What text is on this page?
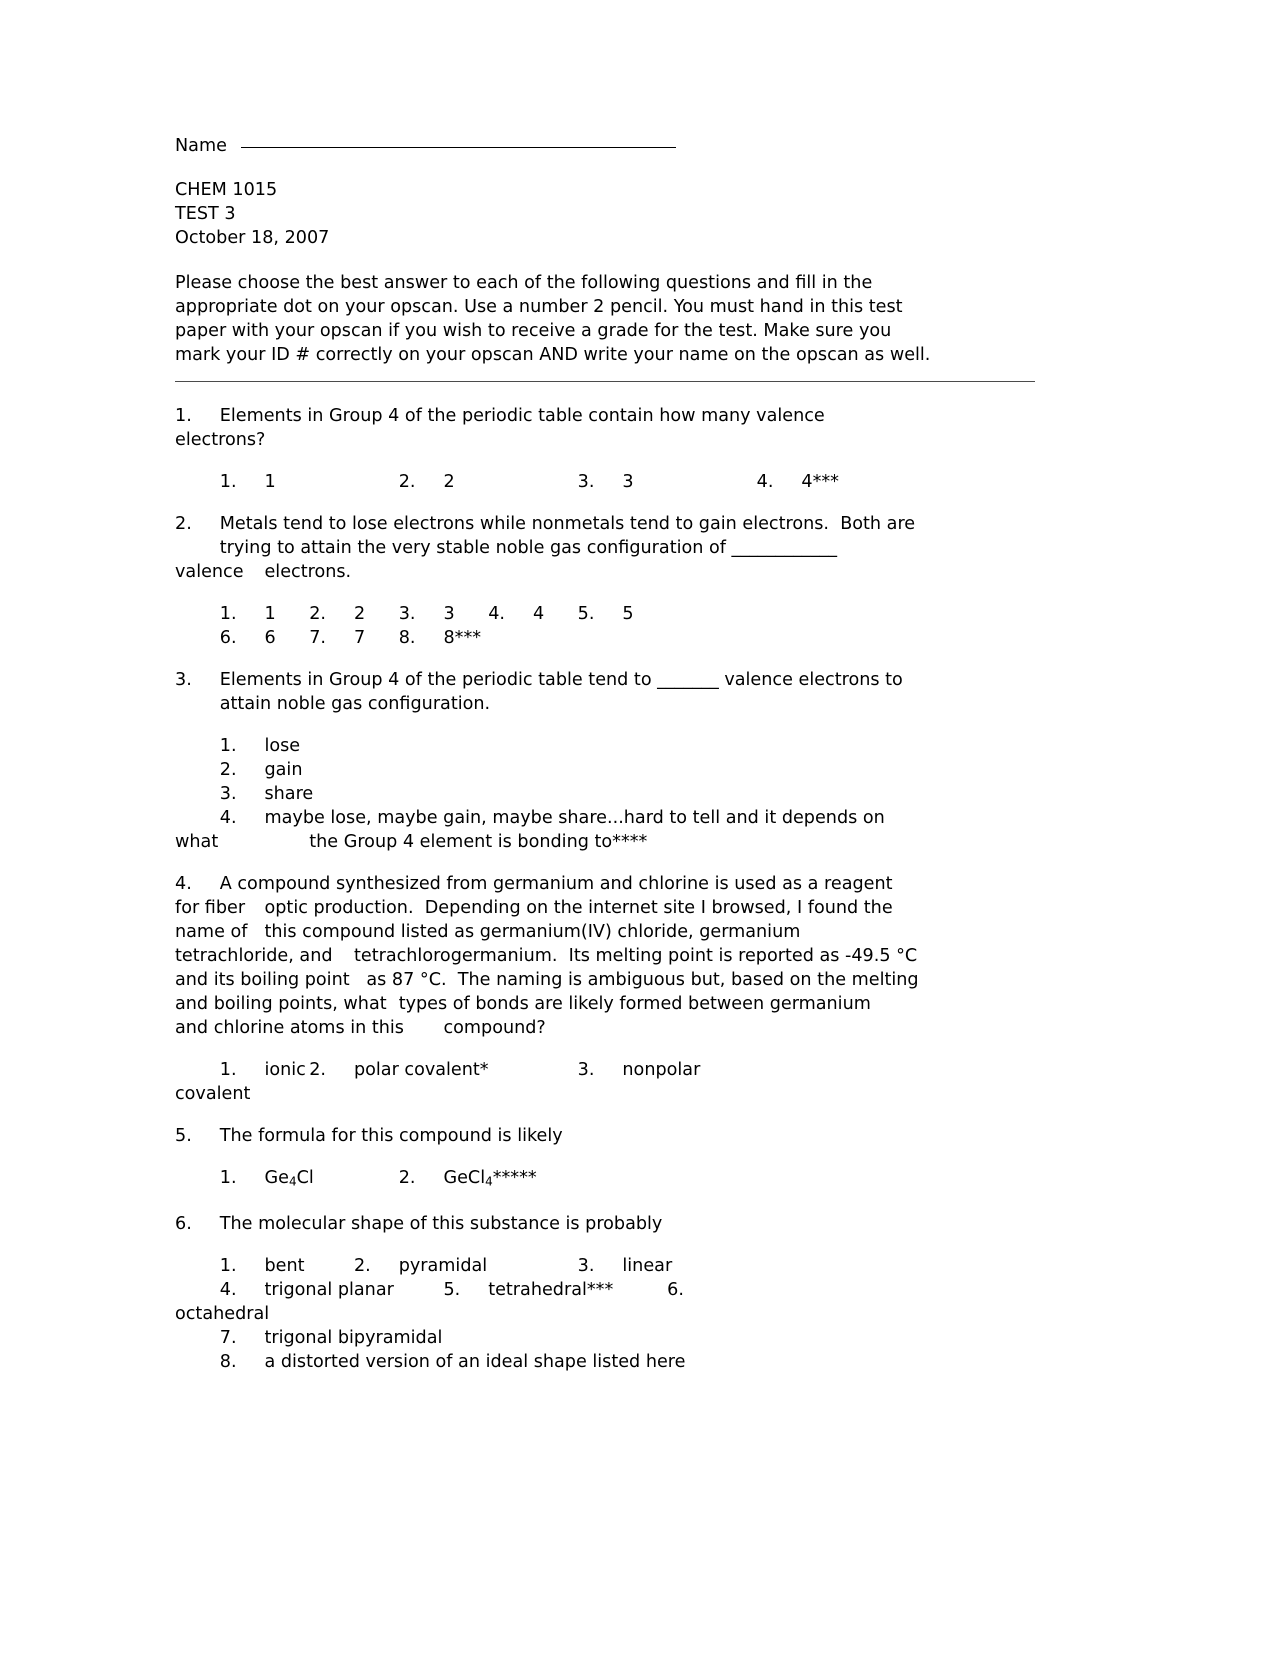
Name
CHEM 1015
TEST 3
October 18, 2007
Please choose the best answer to each of the following questions and fill in the
appropriate dot on your opscan. Use a number 2 pencil. You must hand in this test
paper with your opscan if you wish to receive a grade for the test. Make sure you
mark your ID # correctly on your opscan AND write your name on the opscan as well.
1.	Elements in Group 4 of the periodic table contain how many valence
electrons?
	1.	1			2.	2			3.	3			4.	4***
2.	Metals tend to lose electrons while nonmetals tend to gain electrons.  Both are
	trying to attain the very stable noble gas configuration of ____________
valence	electrons.
	1.	1	2.	2	3.	3	4.	4	5.	5
	6.	6	7.	7	8.	8***
3.	Elements in Group 4 of the periodic table tend to _______ valence electrons to
	attain noble gas configuration.
	1.	lose
	2.	gain
	3.	share
	4.	maybe lose, maybe gain, maybe share...hard to tell and it depends on
what		the Group 4 element is bonding to****
4.	A compound synthesized from germanium and chlorine is used as a reagent
for fiber	optic production.  Depending on the internet site I browsed, I found the
name of	this compound listed as germanium(IV) chloride, germanium
tetrachloride, and	tetrachlorogermanium.  Its melting point is reported as -49.5 °C
and its boiling point   as 87 °C.  The naming is ambiguous but, based on the melting
and boiling points, what	types of bonds are likely formed between germanium
and chlorine atoms in this	compound?
	1.	ionic	2.	polar covalent*		3.	nonpolar
covalent
5.	The formula for this compound is likely
	1.	$Ge_4Cl$		2.	GeCl$_4$*****
6.	The molecular shape of this substance is probably
	1.	bent		2.	pyramidal		3.	linear
	4.	trigonal planar		5.	tetrahedral***		6.
octahedral
	7.	trigonal bipyramidal
	8.	a distorted version of an ideal shape listed here
